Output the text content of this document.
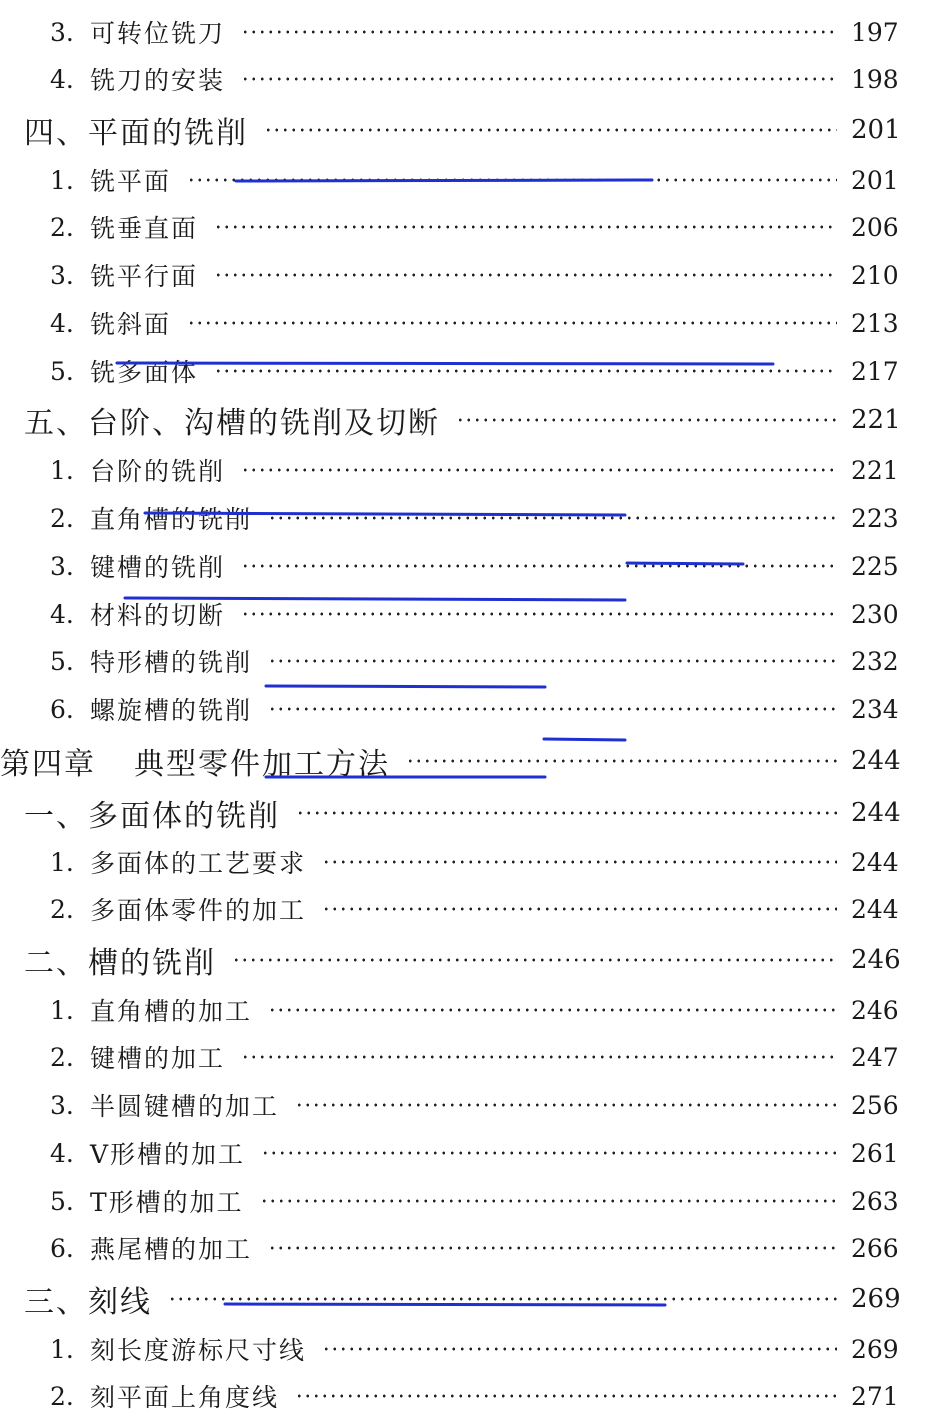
3. 可转位铣刀	197
4. 铣刀的安装	198
四、平面的铣削	201
1. 铣平面	201
2. 铣垂直面	206
3. 铣平行面	210
4. 铣斜面	213
5. 铣多面体	217
五、台阶、沟槽的铣削及切断	221
1. 台阶的铣削	221
2. 直角槽的铣削	223
3. 键槽的铣削	225
4. 材料的切断	230
5. 特形槽的铣削	232
6. 螺旋槽的铣削	234
第四章 典型零件加工方法	244
一、多面体的铣削	244
1. 多面体的工艺要求	244
2. 多面体零件的加工	244
二、槽的铣削	246
1. 直角槽的加工	246
2. 键槽的加工	247
3. 半圆键槽的加工	256
4. V形槽的加工	261
5. T形槽的加工	263
6. 燕尾槽的加工	266
三、刻线	269
1. 刻长度游标尺寸线	269
2. 刻平面上角度线	271
